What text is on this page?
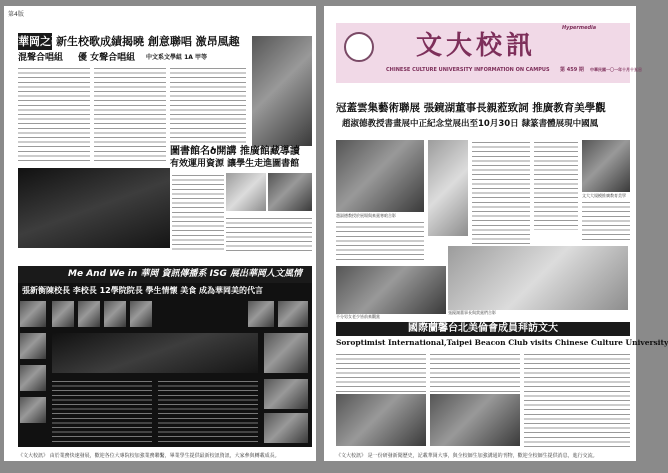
第4版
華岡之歌
新生校歌成績揭曉 創意聯唱 激昂風趣
混聲合唱組	優 女聲合唱組	中文系文學組 1A 甲等
圖書館名ծ開講 推廣館藏導讀
有效運用資源 讓學生走進圖書館
Me And We in 華岡 資訊傳播系 ISG 展出華岡人文風情
張新衡陳校長 李校長 12學院院長 學生情懷 美食 成為華岡美的代言
《文大校訊》 由於業務快速發展，歡迎各位大專院校加強業務聯繫，畢業學生提供最新校訊資訊，大家參與轉載成長。
文大校訊
CHINESE CULTURE UNIVERSITY INFORMATION ON CAMPUS	第 459 期	中華民國一〇一年十月十五日
Hypermedia
冠蓋雲集藝術聯展 張鏡湖董事長親蒞致詞 推廣教育美學觀
趙淑德教授書畫展中正紀念堂展出至10月30日 隸篆書體展現中國風
趙淑德教授於展場與來賓寒暄合影
文大大規模推廣教育美學
不分男女老少皆前來觀賞
張鏡湖董事長與貴賓們合影
國際蘭馨台北美倫會成員拜訪文大
Soroptimist International,Taipei Beacon Club visits Chinese Culture University
《文大校訊》 是一份研發新聞歷史，記載華岡大事，與全校師生加強溝通的刊物，歡迎全校師生提供消息，進行交流。
